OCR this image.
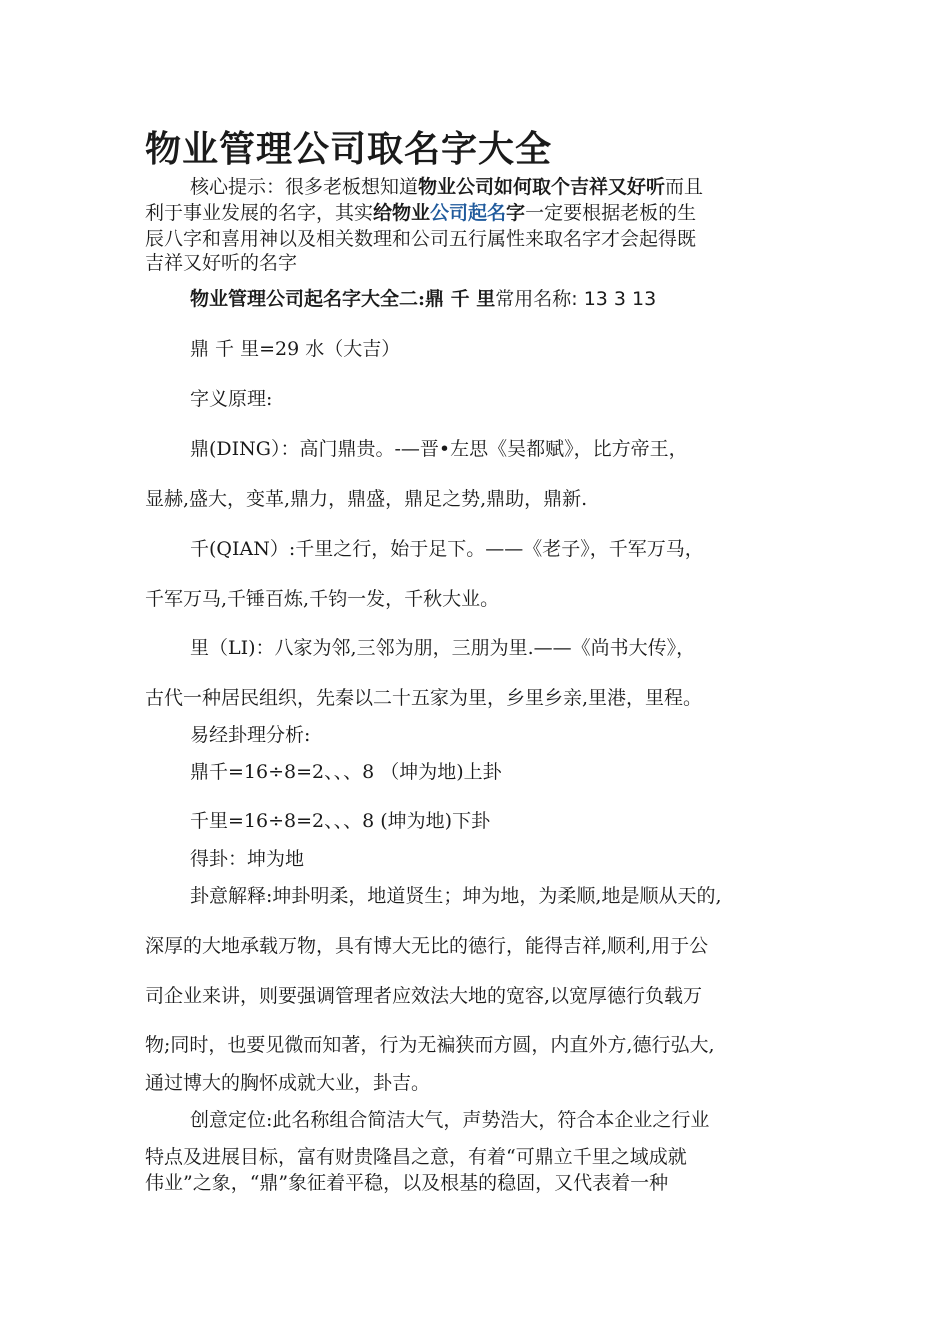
物业管理公司取名字大全
核心提示：很多老板想知道物业公司如何取个吉祥又好听而且
利于事业发展的名字，其实给物业公司起名字一定要根据老板的生
辰八字和喜用神以及相关数理和公司五行属性来取名字才会起得既
吉祥又好听的名字
物业管理公司起名字大全二:鼎 千 里常用名称: 13 3 13
鼎 千 里=29 水（大吉）
字义原理:
鼎(DING）：高门鼎贵。-—晋•左思《吴都赋》，比方帝王，
显赫,盛大，变革,鼎力，鼎盛，鼎足之势,鼎助，鼎新.
千(QIAN）:千里之行，始于足下。——《老子》，千军万马，
千军万马,千锤百炼,千钧一发，千秋大业。
里（LI)：八家为邻,三邻为朋，三朋为里.——《尚书大传》，
古代一种居民组织，先秦以二十五家为里，乡里乡亲,里港，里程。
易经卦理分析:
鼎千=16÷8=2、、、8 （坤为地)上卦
千里=16÷8=2、、、8 (坤为地)下卦
得卦：坤为地
卦意解释:坤卦明柔，地道贤生；坤为地，为柔顺,地是顺从天的,
深厚的大地承载万物，具有博大无比的德行，能得吉祥,顺利,用于公
司企业来讲，则要强调管理者应效法大地的宽容,以宽厚德行负载万
物;同时，也要见微而知著，行为无褊狭而方圆，内直外方,德行弘大,
通过博大的胸怀成就大业，卦吉。
创意定位:此名称组合简洁大气，声势浩大，符合本企业之行业
特点及进展目标，富有财贵隆昌之意，有着“可鼎立千里之域成就
伟业”之象，“鼎”象征着平稳，以及根基的稳固，又代表着一种
